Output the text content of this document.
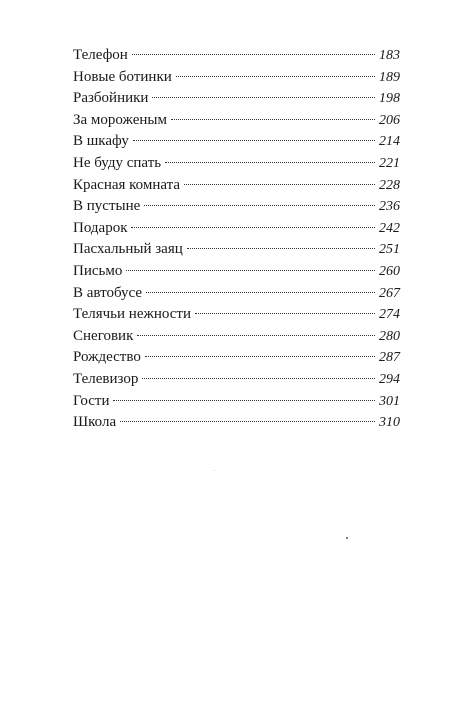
Телефон	183
Новые ботинки	189
Разбойники	198
За мороженым	206
В шкафу	214
Не буду спать	221
Красная комната	228
В пустыне	236
Подарок	242
Пасхальный заяц	251
Письмо	260
В автобусе	267
Телячьи нежности	274
Снеговик	280
Рождество	287
Телевизор	294
Гости	301
Школа	310
